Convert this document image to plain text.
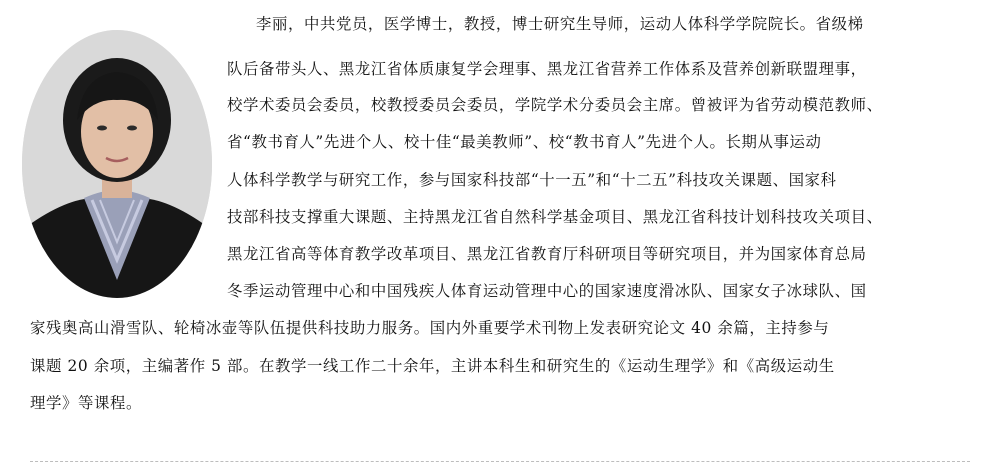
李丽，中共党员，医学博士，教授，博士研究生导师，运动人体科学学院院长。省级梯
队后备带头人、黑龙江省体质康复学会理事、黑龙江省营养工作体系及营养创新联盟理事，
校学术委员会委员，校教授委员会委员，学院学术分委员会主席。曾被评为省劳动模范教师、
省“教书育人”先进个人、校十佳“最美教师”、校“教书育人”先进个人。长期从事运动
人体科学教学与研究工作，参与国家科技部“十一五”和“十二五”科技攻关课题、国家科
技部科技支撑重大课题、主持黑龙江省自然科学基金项目、黑龙江省科技计划科技攻关项目、
黑龙江省高等体育教学改革项目、黑龙江省教育厅科研项目等研究项目，并为国家体育总局
冬季运动管理中心和中国残疾人体育运动管理中心的国家速度滑冰队、国家女子冰球队、国
家残奥高山滑雪队、轮椅冰壶等队伍提供科技助力服务。国内外重要学术刊物上发表研究论文 40 余篇，主持参与
课题 20 余项，主编著作 5 部。在教学一线工作二十余年，主讲本科生和研究生的《运动生理学》和《高级运动生
理学》等课程。
